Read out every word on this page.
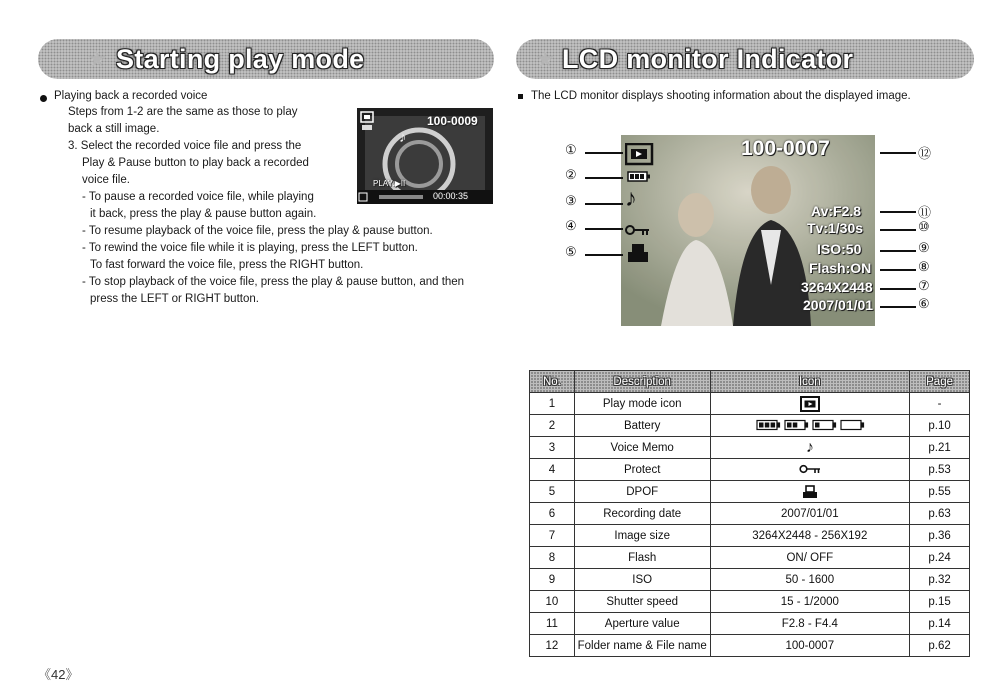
Starting play mode	LCD monitor Indicator
Playing back a recorded voice
Steps from 1-2 are the same as those to play
back a still image.
3. Select the recorded voice file and press the
Play & Pause button to play back a recorded
voice file.
- To pause a recorded voice file, while playing
it back, press the play & pause button again.
- To resume playback of the voice file, press the play & pause button.
- To rewind the voice file while it is playing, press the LEFT button.
To fast forward the voice file, press the RIGHT button.
- To stop playback of the voice file, press the play & pause button, and then
press the LEFT or RIGHT button.
♪
100-0009
PLAY:▶II
00:00:35
The LCD monitor displays shooting information about the displayed image.
♪
100-0007
Av:F2.8
Tv:1/30s
ISO:50
Flash:ON
3264X2448
2007/01/01
①
②
③
④
⑤
⑫
⑪
⑩
⑨
⑧
⑦
⑥
No.	Description	Icon	Page
1	Play mode icon		-
2	Battery		p.10
3	Voice Memo	♪	p.21
4	Protect		p.53
5	DPOF		p.55
6	Recording date	2007/01/01	p.63
7	Image size	3264X2448 - 256X192	p.36
8	Flash	ON/ OFF	p.24
9	ISO	50 - 1600	p.32
10	Shutter speed	15 - 1/2000	p.15
11	Aperture value	F2.8 - F4.4	p.14
12	Folder name & File name	100-0007	p.62
《42》
